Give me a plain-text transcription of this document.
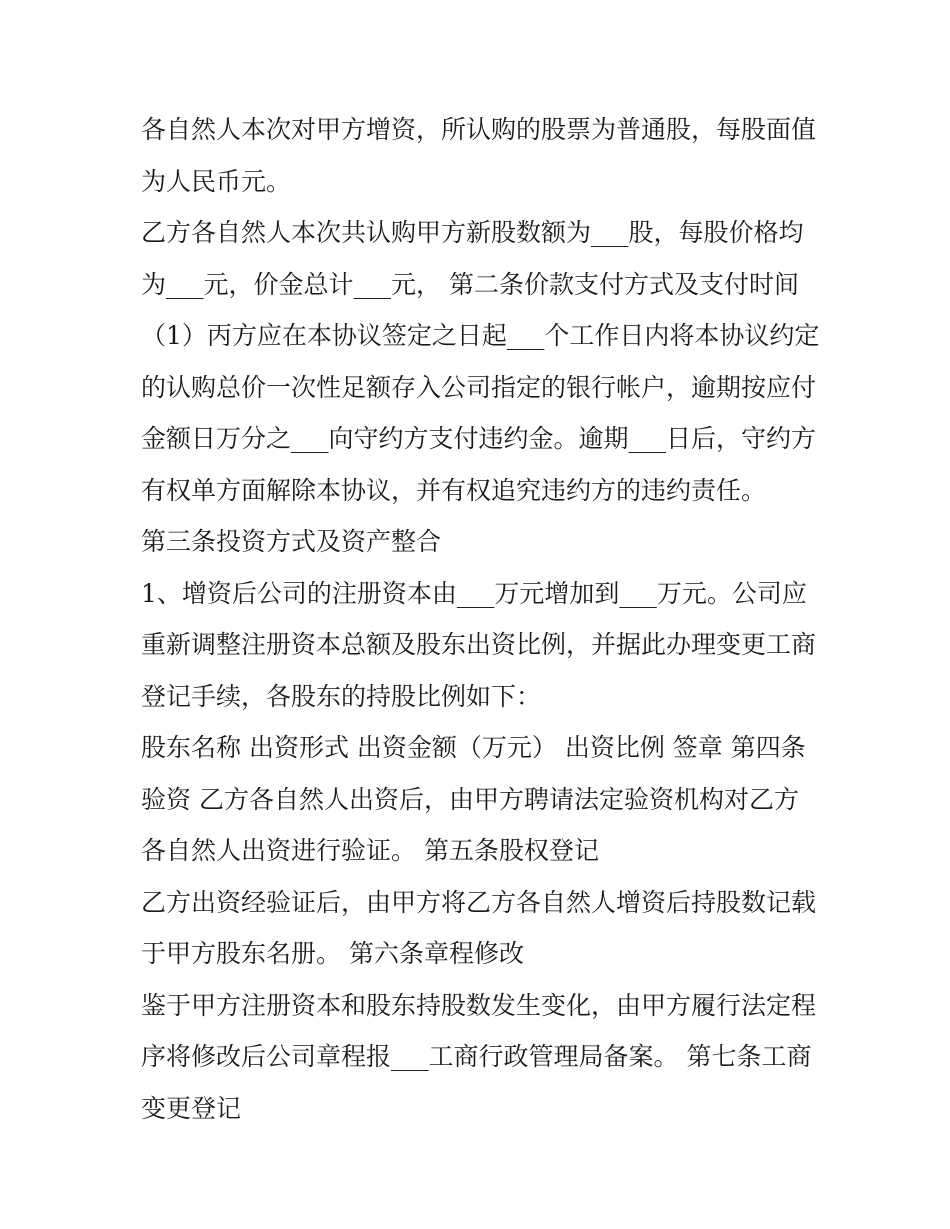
各自然人本次对甲方增资，所认购的股票为普通股，每股面值
为人民币元。
乙方各自然人本次共认购甲方新股数额为___股，每股价格均
为___元，价金总计___元， 第二条价款支付方式及支付时间
（1）丙方应在本协议签定之日起___个工作日内将本协议约定
的认购总价一次性足额存入公司指定的银行帐户，逾期按应付
金额日万分之___向守约方支付违约金。逾期___日后，守约方
有权单方面解除本协议，并有权追究违约方的违约责任。
第三条投资方式及资产整合
1、增资后公司的注册资本由___万元增加到___万元。公司应
重新调整注册资本总额及股东出资比例，并据此办理变更工商
登记手续，各股东的持股比例如下：
股东名称 出资形式 出资金额（万元） 出资比例 签章 第四条
验资 乙方各自然人出资后，由甲方聘请法定验资机构对乙方
各自然人出资进行验证。 第五条股权登记
乙方出资经验证后，由甲方将乙方各自然人增资后持股数记载
于甲方股东名册。 第六条章程修改
鉴于甲方注册资本和股东持股数发生变化，由甲方履行法定程
序将修改后公司章程报___工商行政管理局备案。 第七条工商
变更登记
